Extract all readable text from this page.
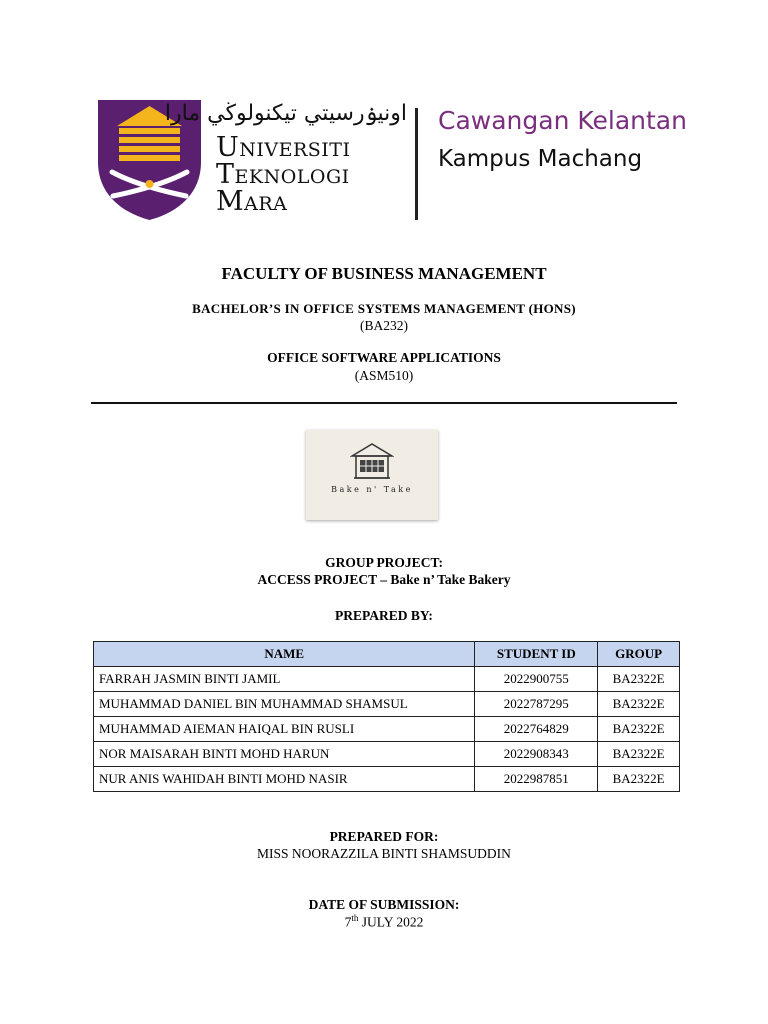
اونيۏرسيتي تيكنولوڬي مارا
Universiti
Teknologi
Mara
Cawangan Kelantan
Kampus Machang
FACULTY OF BUSINESS MANAGEMENT
BACHELOR’S IN OFFICE SYSTEMS MANAGEMENT (HONS)
(BA232)
OFFICE SOFTWARE APPLICATIONS
(ASM510)
Bake n' Take
GROUP PROJECT:
ACCESS PROJECT – Bake n’ Take Bakery
PREPARED BY:
NAME	STUDENT ID	GROUP
FARRAH JASMIN BINTI JAMIL	2022900755	BA2322E
MUHAMMAD DANIEL BIN MUHAMMAD SHAMSUL	2022787295	BA2322E
MUHAMMAD AIEMAN HAIQAL BIN RUSLI	2022764829	BA2322E
NOR MAISARAH BINTI MOHD HARUN	2022908343	BA2322E
NUR ANIS WAHIDAH BINTI MOHD NASIR	2022987851	BA2322E
PREPARED FOR:
MISS NOORAZZILA BINTI SHAMSUDDIN
DATE OF SUBMISSION:
7th JULY 2022
